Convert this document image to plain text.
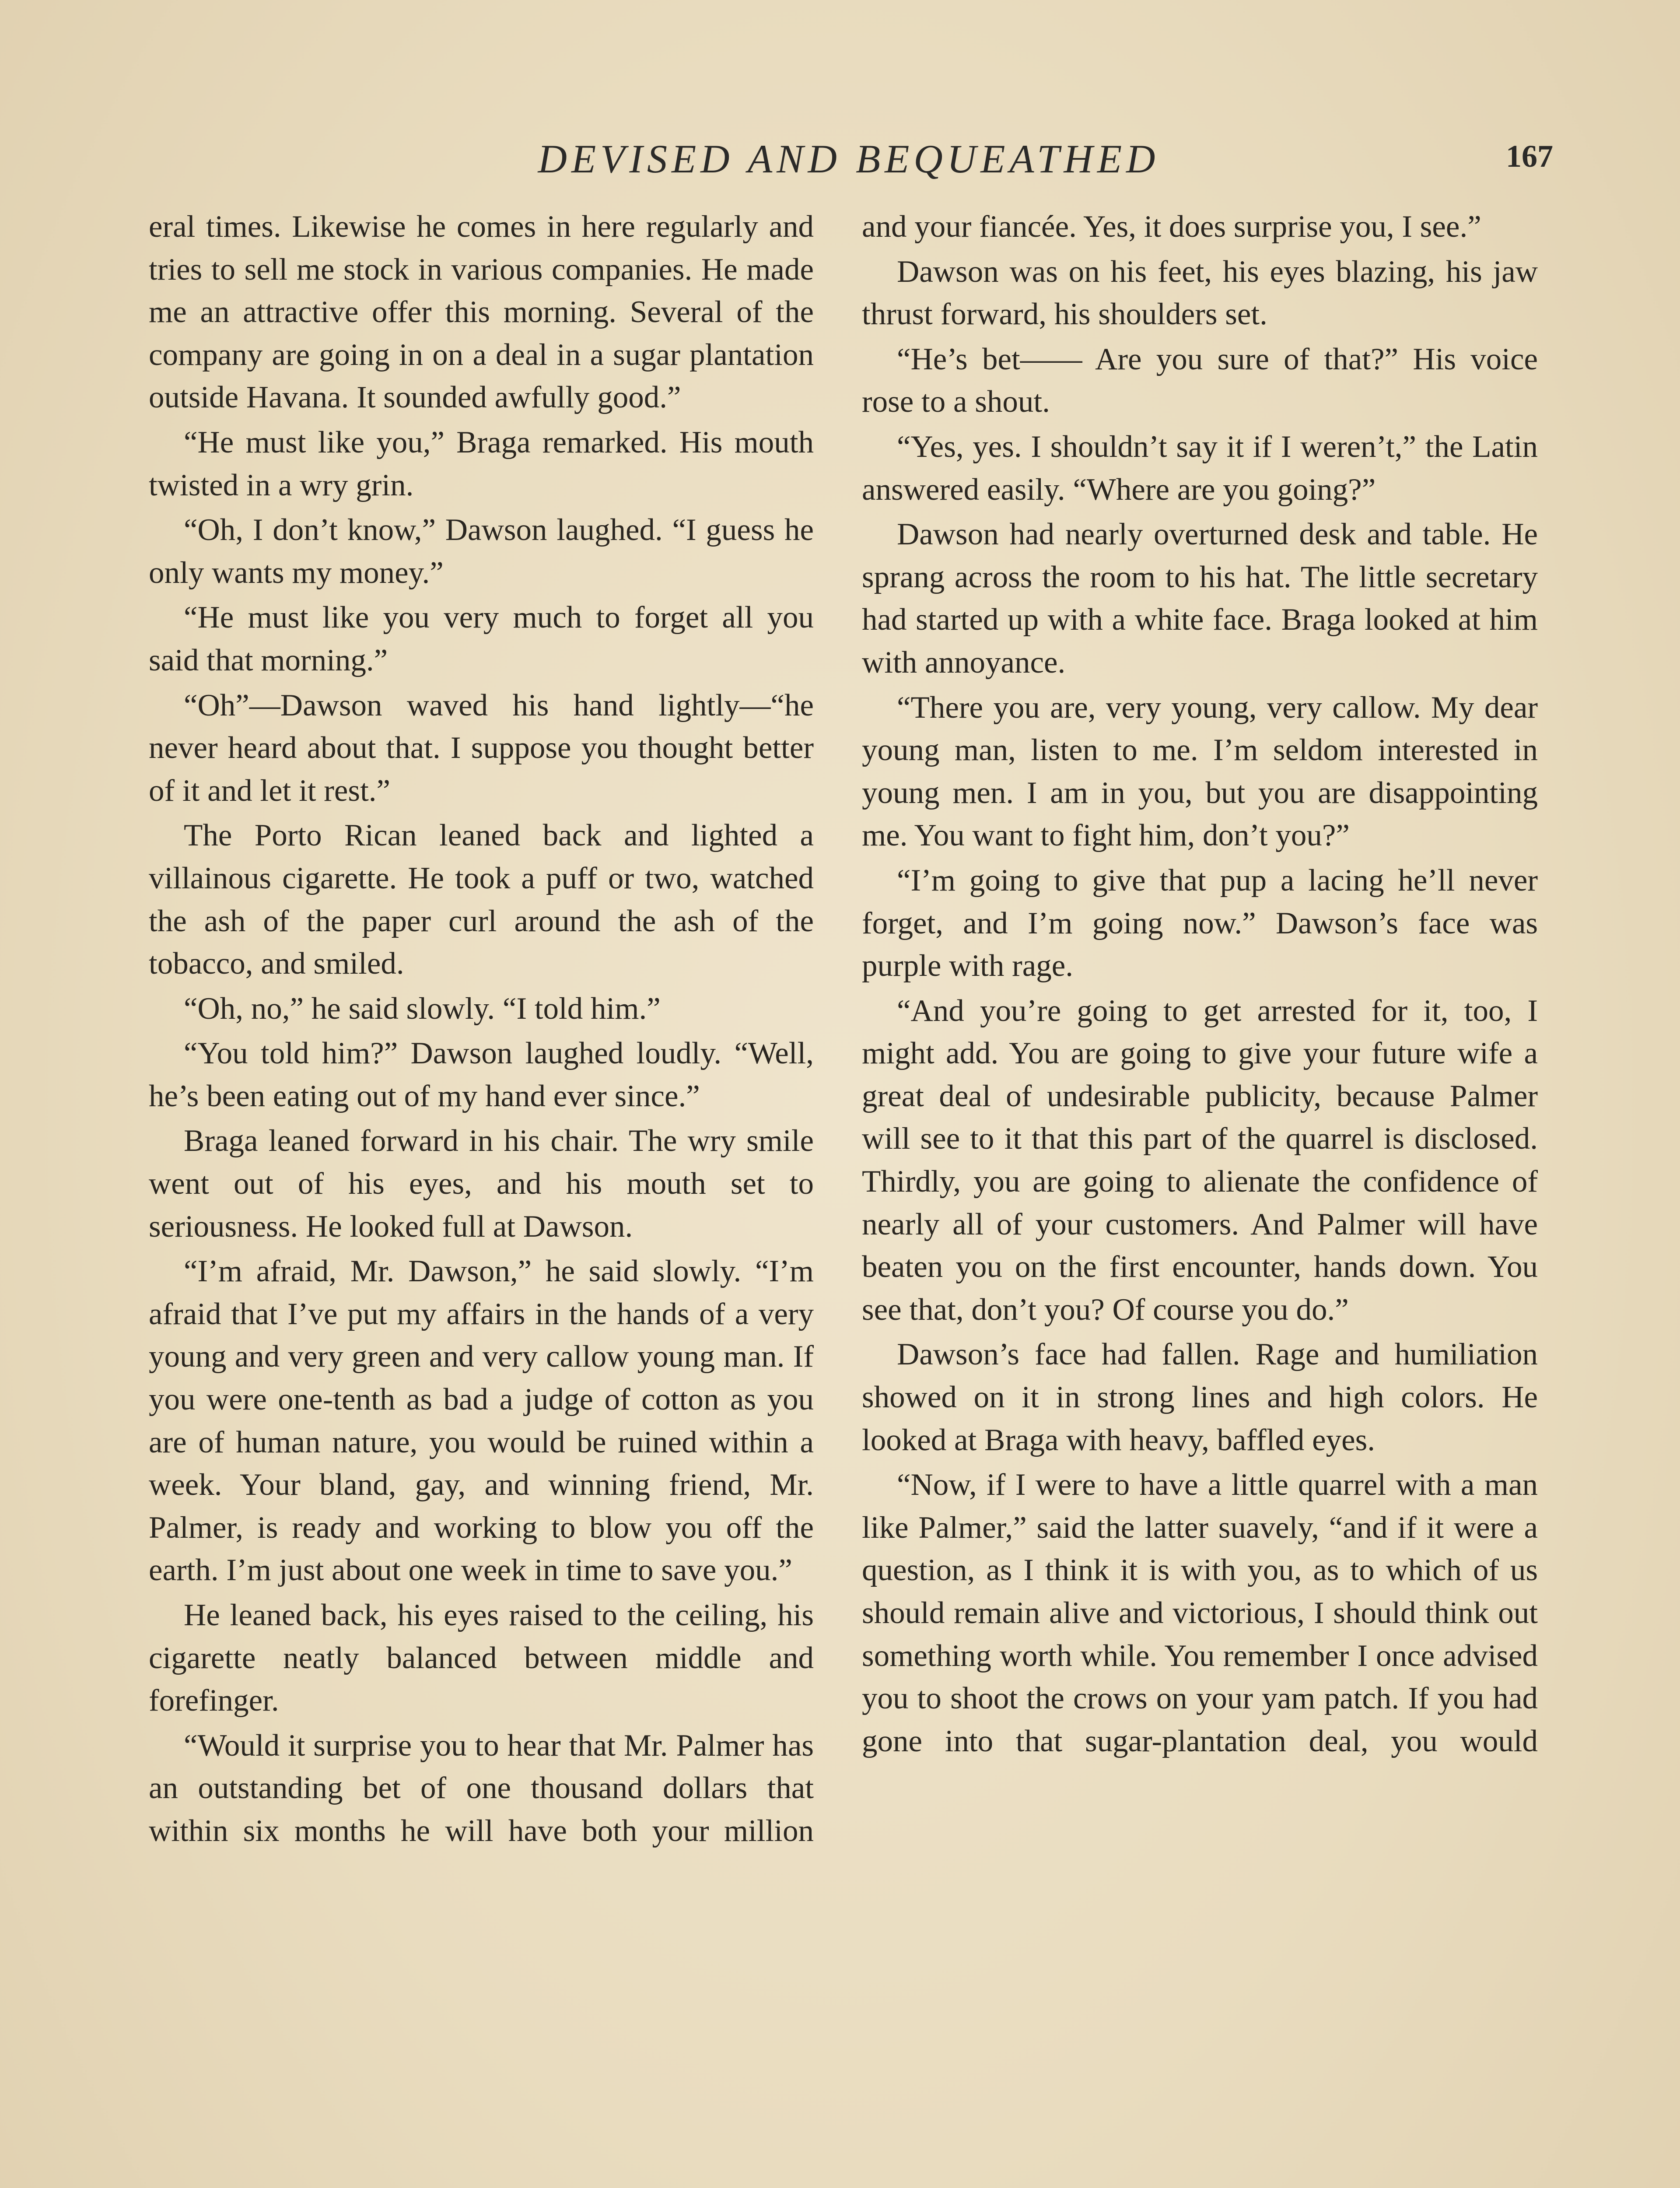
DEVISED AND BEQUEATHED	167

eral times. Likewise he comes in here regularly and tries to sell me stock in various companies. He made me an attractive offer this morning. Several of the company are going in on a deal in a sugar plantation outside Havana. It sounded awfully good.”

“He must like you,” Braga remarked. His mouth twisted in a wry grin.

“Oh, I don’t know,” Dawson laughed. “I guess he only wants my money.”

“He must like you very much to forget all you said that morning.”

“Oh”—Dawson waved his hand lightly—“he never heard about that. I suppose you thought better of it and let it rest.”

The Porto Rican leaned back and lighted a villainous cigarette. He took a puff or two, watched the ash of the paper curl around the ash of the tobacco, and smiled.

“Oh, no,” he said slowly. “I told him.”

“You told him?” Dawson laughed loudly. “Well, he’s been eating out of my hand ever since.”

Braga leaned forward in his chair. The wry smile went out of his eyes, and his mouth set to seriousness. He looked full at Dawson.

“I’m afraid, Mr. Dawson,” he said slowly. “I’m afraid that I’ve put my affairs in the hands of a very young and very green and very callow young man. If you were one-tenth as bad a judge of cotton as you are of human nature, you would be ruined within a week. Your bland, gay, and winning friend, Mr. Palmer, is ready and working to blow you off the earth. I’m just about one week in time to save you.”

He leaned back, his eyes raised to the ceiling, his cigarette neatly balanced between middle and forefinger.

“Would it surprise you to hear that Mr. Palmer has an outstanding bet of one thousand dollars that within six months he will have both your million

and your fiancée. Yes, it does surprise you, I see.”

Dawson was on his feet, his eyes blazing, his jaw thrust forward, his shoulders set.

“He’s bet—— Are you sure of that?” His voice rose to a shout.

“Yes, yes. I shouldn’t say it if I weren’t,” the Latin answered easily. “Where are you going?”

Dawson had nearly overturned desk and table. He sprang across the room to his hat. The little secretary had started up with a white face. Braga looked at him with annoyance.

“There you are, very young, very callow. My dear young man, listen to me. I’m seldom interested in young men. I am in you, but you are disappointing me. You want to fight him, don’t you?”

“I’m going to give that pup a lacing he’ll never forget, and I’m going now.” Dawson’s face was purple with rage.

“And you’re going to get arrested for it, too, I might add. You are going to give your future wife a great deal of undesirable publicity, because Palmer will see to it that this part of the quarrel is disclosed. Thirdly, you are going to alienate the confidence of nearly all of your customers. And Palmer will have beaten you on the first encounter, hands down. You see that, don’t you? Of course you do.”

Dawson’s face had fallen. Rage and humiliation showed on it in strong lines and high colors. He looked at Braga with heavy, baffled eyes.

“Now, if I were to have a little quarrel with a man like Palmer,” said the latter suavely, “and if it were a question, as I think it is with you, as to which of us should remain alive and victorious, I should think out something worth while. You remember I once advised you to shoot the crows on your yam patch. If you had gone into that sugar-plantation deal, you would
